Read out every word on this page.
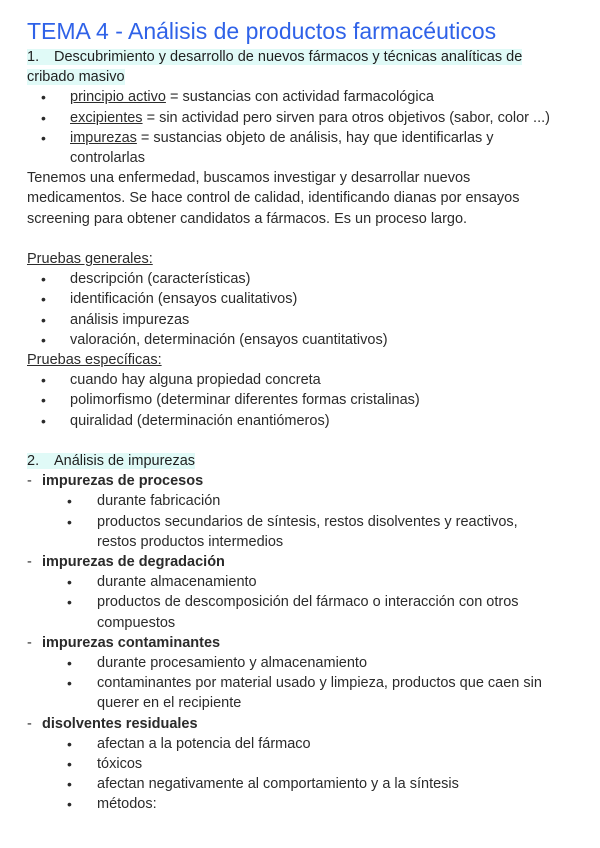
TEMA 4 - Análisis de productos farmacéuticos
1. Descubrimiento y desarrollo de nuevos fármacos y técnicas analíticas de
cribado masivo
• principio activo = sustancias con actividad farmacológica
• excipientes = sin actividad pero sirven para otros objetivos (sabor, color ...)
• impurezas = sustancias objeto de análisis, hay que identificarlas y
controlarlas
Tenemos una enfermedad, buscamos investigar y desarrollar nuevos
medicamentos. Se hace control de calidad, identificando dianas por ensayos
screening para obtener candidatos a fármacos. Es un proceso largo.
Pruebas generales:
• descripción (características)
• identificación (ensayos cualitativos)
• análisis impurezas
• valoración, determinación (ensayos cuantitativos)
Pruebas específicas:
• cuando hay alguna propiedad concreta
• polimorfismo (determinar diferentes formas cristalinas)
• quiralidad (determinación enantiómeros)
2. Análisis de impurezas
- impurezas de procesos
• durante fabricación
• productos secundarios de síntesis, restos disolventes y reactivos,
restos productos intermedios
- impurezas de degradación
• durante almacenamiento
• productos de descomposición del fármaco o interacción con otros
compuestos
- impurezas contaminantes
• durante procesamiento y almacenamiento
• contaminantes por material usado y limpieza, productos que caen sin
querer en el recipiente
- disolventes residuales
• afectan a la potencia del fármaco
• tóxicos
• afectan negativamente al comportamiento y a la síntesis
• métodos:
